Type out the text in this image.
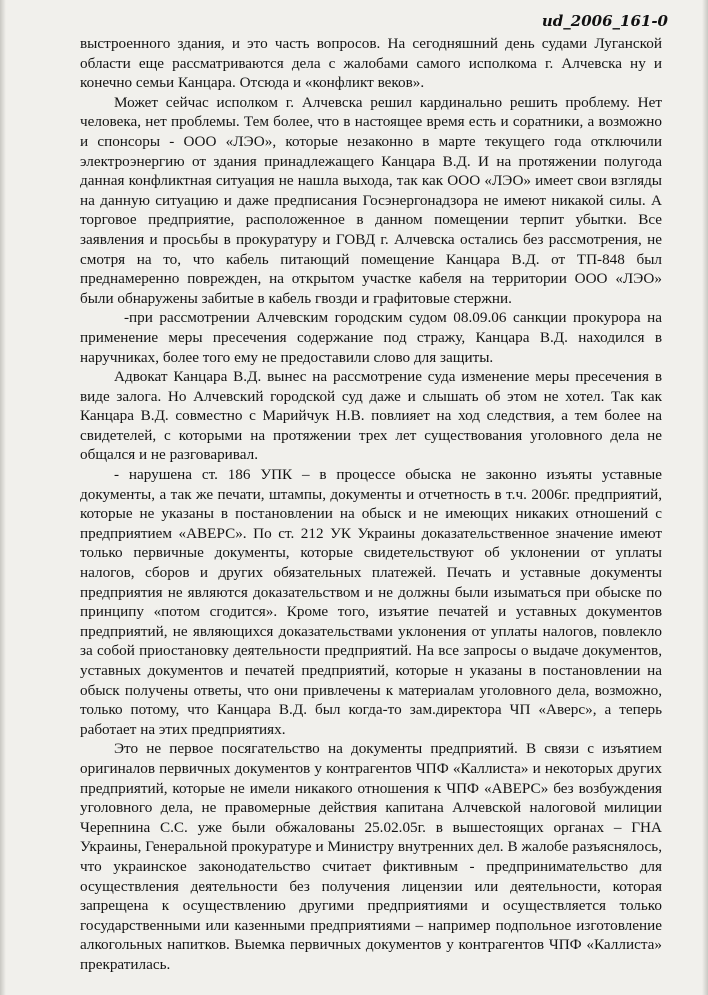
ud_2006_161-0

выстроенного здания, и это часть вопросов. На сегодняшний день судами Луганской области еще рассматриваются дела с жалобами самого исполкома г. Алчевска ну и конечно семьи Канцара. Отсюда и «конфликт веков».

Может сейчас исполком г. Алчевска решил кардинально решить проблему. Нет человека, нет проблемы. Тем более, что в настоящее время есть и соратники, а возможно и спонсоры - ООО «ЛЭО», которые незаконно в марте текущего года отключили электроэнергию от здания принадлежащего Канцара В.Д. И на протяжении полугода данная конфликтная ситуация не нашла выхода, так как ООО «ЛЭО» имеет свои взгляды на данную ситуацию и даже предписания Госэнергонадзора не имеют никакой силы. А торговое предприятие, расположенное в данном помещении терпит убытки. Все заявления и просьбы в прокуратуру и ГОВД г. Алчевска остались без рассмотрения, не смотря на то, что кабель питающий помещение Канцара В.Д. от ТП-848 был преднамеренно поврежден, на открытом участке кабеля на территории ООО «ЛЭО» были обнаружены забитые в кабель гвозди и графитовые стержни.

-при рассмотрении Алчевским городским судом 08.09.06 санкции прокурора на применение меры пресечения содержание под стражу, Канцара В.Д. находился в наручниках, более того ему не предоставили слово для защиты.

Адвокат Канцара В.Д. вынес на рассмотрение суда изменение меры пресечения в виде залога. Но Алчевский городской суд даже и слышать об этом не хотел. Так как Канцара В.Д. совместно с Марийчук Н.В. повлияет на ход следствия, а тем более на свидетелей, с которыми на протяжении трех лет существования уголовного дела не общался и не разговаривал.

- нарушена ст. 186 УПК – в процессе обыска не законно изъяты уставные документы, а так же печати, штампы, документы и отчетность в т.ч. 2006г. предприятий, которые не указаны в постановлении на обыск и не имеющих никаких отношений с предприятием «АВЕРС». По ст. 212 УК Украины доказательственное значение имеют только первичные документы, которые свидетельствуют об уклонении от уплаты налогов, сборов и других обязательных платежей. Печать и уставные документы предприятия не являются доказательством и не должны были изыматься при обыске по принципу «потом сгодится». Кроме того, изъятие печатей и уставных документов предприятий, не являющихся доказательствами уклонения от уплаты налогов, повлекло за собой приостановку деятельности предприятий. На все запросы о выдаче документов, уставных документов и печатей предприятий, которые н указаны в постановлении на обыск получены ответы, что они привлечены к материалам уголовного дела, возможно, только потому, что Канцара В.Д. был когда-то зам.директора ЧП «Аверс», а теперь работает на этих предприятиях.

Это не первое посягательство на документы предприятий. В связи с изъятием оригиналов первичных документов у контрагентов ЧПФ «Каллиста» и некоторых других предприятий, которые не имели никакого отношения к ЧПФ «АВЕРС» без возбуждения уголовного дела, не правомерные действия капитана Алчевской налоговой милиции Черепнина С.С. уже были обжалованы 25.02.05г. в вышестоящих органах – ГНА Украины, Генеральной прокуратуре и Министру внутренних дел. В жалобе разъяснялось, что украинское законодательство считает фиктивным - предпринимательство для осуществления деятельности без получения лицензии или деятельности, которая запрещена к осуществлению другими предприятиями и осуществляется только государственными или казенными предприятиями – например подпольное изготовление алкогольных напитков. Выемка первичных документов у контрагентов ЧПФ «Каллиста» прекратилась.
